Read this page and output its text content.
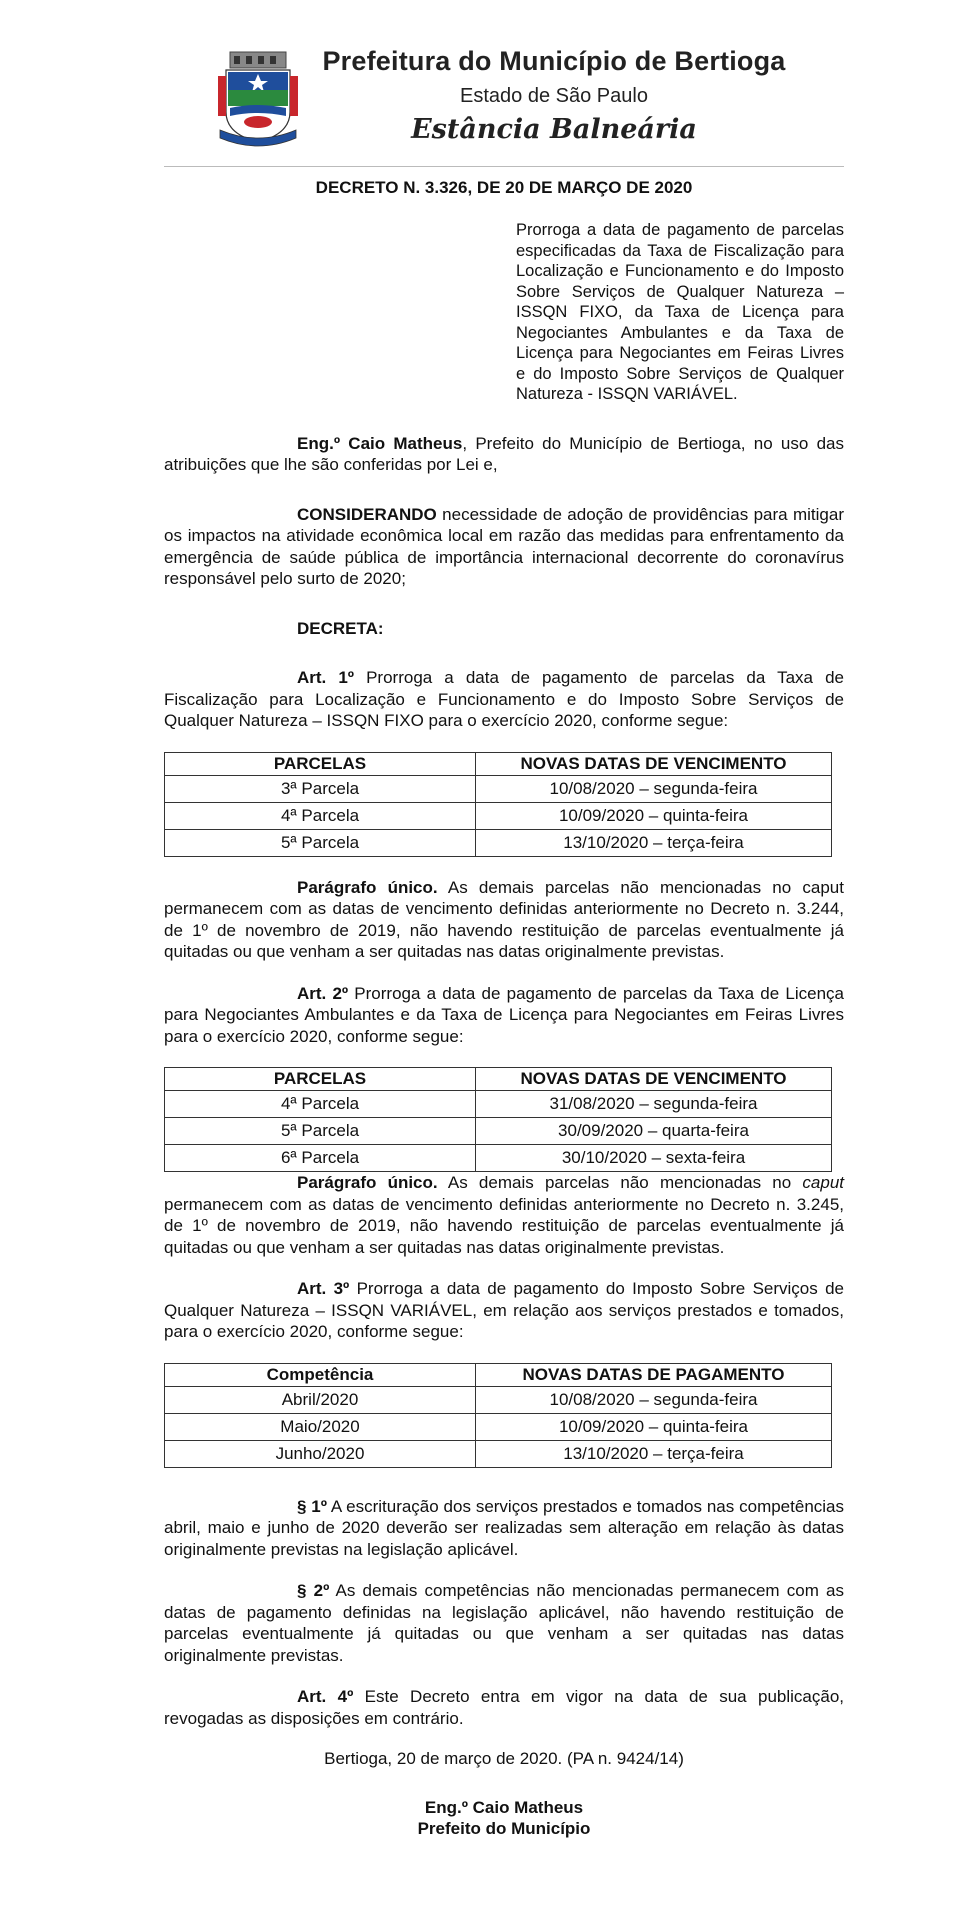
Prefeitura do Município de Bertioga
Estado de São Paulo
Estância Balneária
DECRETO N. 3.326, DE 20 DE MARÇO DE 2020
Prorroga a data de pagamento de parcelas especificadas da Taxa de Fiscalização para Localização e Funcionamento e do Imposto Sobre Serviços de Qualquer Natureza – ISSQN FIXO, da Taxa de Licença para Negociantes Ambulantes e da Taxa de Licença para Negociantes em Feiras Livres e do Imposto Sobre Serviços de Qualquer Natureza - ISSQN VARIÁVEL.

Eng.º Caio Matheus, Prefeito do Município de Bertioga, no uso das atribuições que lhe são conferidas por Lei e,

CONSIDERANDO necessidade de adoção de providências para mitigar os impactos na atividade econômica local em razão das medidas para enfrentamento da emergência de saúde pública de importância internacional decorrente do coronavírus responsável pelo surto de 2020;

DECRETA:

Art. 1º Prorroga a data de pagamento de parcelas da Taxa de Fiscalização para Localização e Funcionamento e do Imposto Sobre Serviços de Qualquer Natureza – ISSQN FIXO para o exercício 2020, conforme segue:

PARCELAS	NOVAS DATAS DE VENCIMENTO
3ª Parcela	10/08/2020 – segunda-feira
4ª Parcela	10/09/2020 – quinta-feira
5ª Parcela	13/10/2020 – terça-feira

Parágrafo único. As demais parcelas não mencionadas no caput permanecem com as datas de vencimento definidas anteriormente no Decreto n. 3.244, de 1º de novembro de 2019, não havendo restituição de parcelas eventualmente já quitadas ou que venham a ser quitadas nas datas originalmente previstas.

Art. 2º Prorroga a data de pagamento de parcelas da Taxa de Licença para Negociantes Ambulantes e da Taxa de Licença para Negociantes em Feiras Livres para o exercício 2020, conforme segue:

PARCELAS	NOVAS DATAS DE VENCIMENTO
4ª Parcela	31/08/2020 – segunda-feira
5ª Parcela	30/09/2020 – quarta-feira
6ª Parcela	30/10/2020 – sexta-feira

Parágrafo único. As demais parcelas não mencionadas no caput permanecem com as datas de vencimento definidas anteriormente no Decreto n. 3.245, de 1º de novembro de 2019, não havendo restituição de parcelas eventualmente já quitadas ou que venham a ser quitadas nas datas originalmente previstas.

Art. 3º Prorroga a data de pagamento do Imposto Sobre Serviços de Qualquer Natureza – ISSQN VARIÁVEL, em relação aos serviços prestados e tomados, para o exercício 2020, conforme segue:

Competência	NOVAS DATAS DE PAGAMENTO
Abril/2020	10/08/2020 – segunda-feira
Maio/2020	10/09/2020 – quinta-feira
Junho/2020	13/10/2020 – terça-feira

§ 1º A escrituração dos serviços prestados e tomados nas competências abril, maio e junho de 2020 deverão ser realizadas sem alteração em relação às datas originalmente previstas na legislação aplicável.

§ 2º As demais competências não mencionadas permanecem com as datas de pagamento definidas na legislação aplicável, não havendo restituição de parcelas eventualmente já quitadas ou que venham a ser quitadas nas datas originalmente previstas.

Art. 4º Este Decreto entra em vigor na data de sua publicação, revogadas as disposições em contrário.

Bertioga, 20 de março de 2020. (PA n. 9424/14)
Eng.º Caio Matheus
Prefeito do Município
